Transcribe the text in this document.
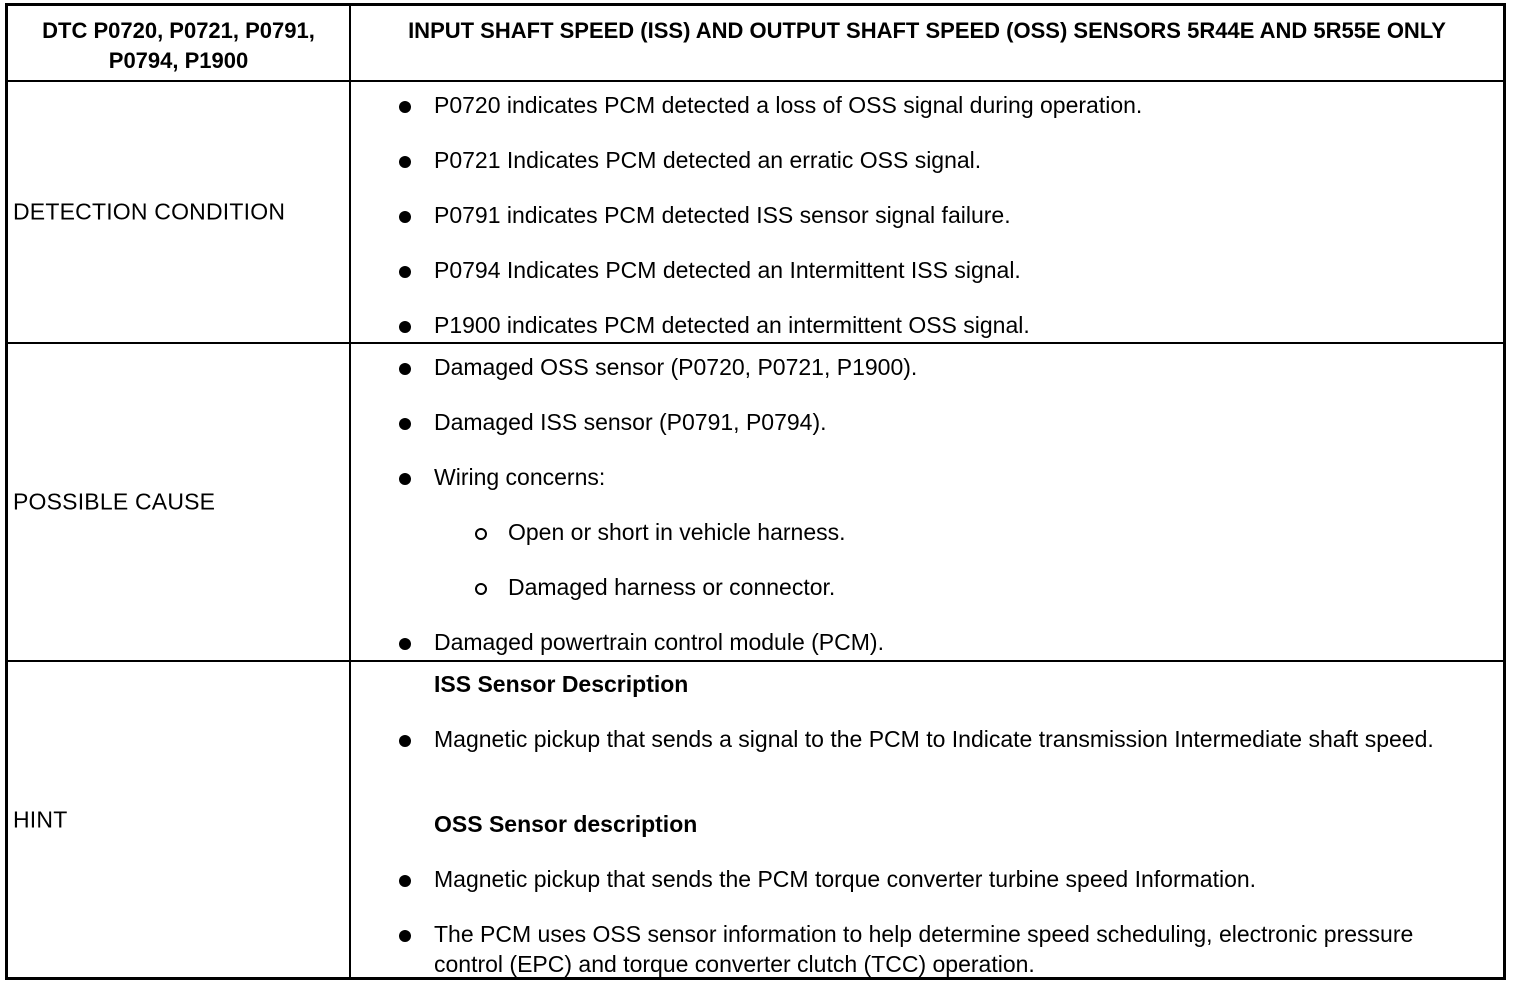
DTC P0720, P0721, P0791, P0794, P1900
INPUT SHAFT SPEED (ISS) AND OUTPUT SHAFT SPEED (OSS) SENSORS 5R44E AND 5R55E ONLY
DETECTION CONDITION
P0720 indicates PCM detected a loss of OSS signal during operation.
P0721 Indicates PCM detected an erratic OSS signal.
P0791 indicates PCM detected ISS sensor signal failure.
P0794 Indicates PCM detected an Intermittent ISS signal.
P1900 indicates PCM detected an intermittent OSS signal.
POSSIBLE CAUSE
Damaged OSS sensor (P0720, P0721, P1900).
Damaged ISS sensor (P0791, P0794).
Wiring concerns:
Open or short in vehicle harness.
Damaged harness or connector.
Damaged powertrain control module (PCM).
HINT
ISS Sensor Description
Magnetic pickup that sends a signal to the PCM to Indicate transmission Intermediate shaft speed.
OSS Sensor description
Magnetic pickup that sends the PCM torque converter turbine speed Information.
The PCM uses OSS sensor information to help determine speed scheduling, electronic pressure control (EPC) and torque converter clutch (TCC) operation.
